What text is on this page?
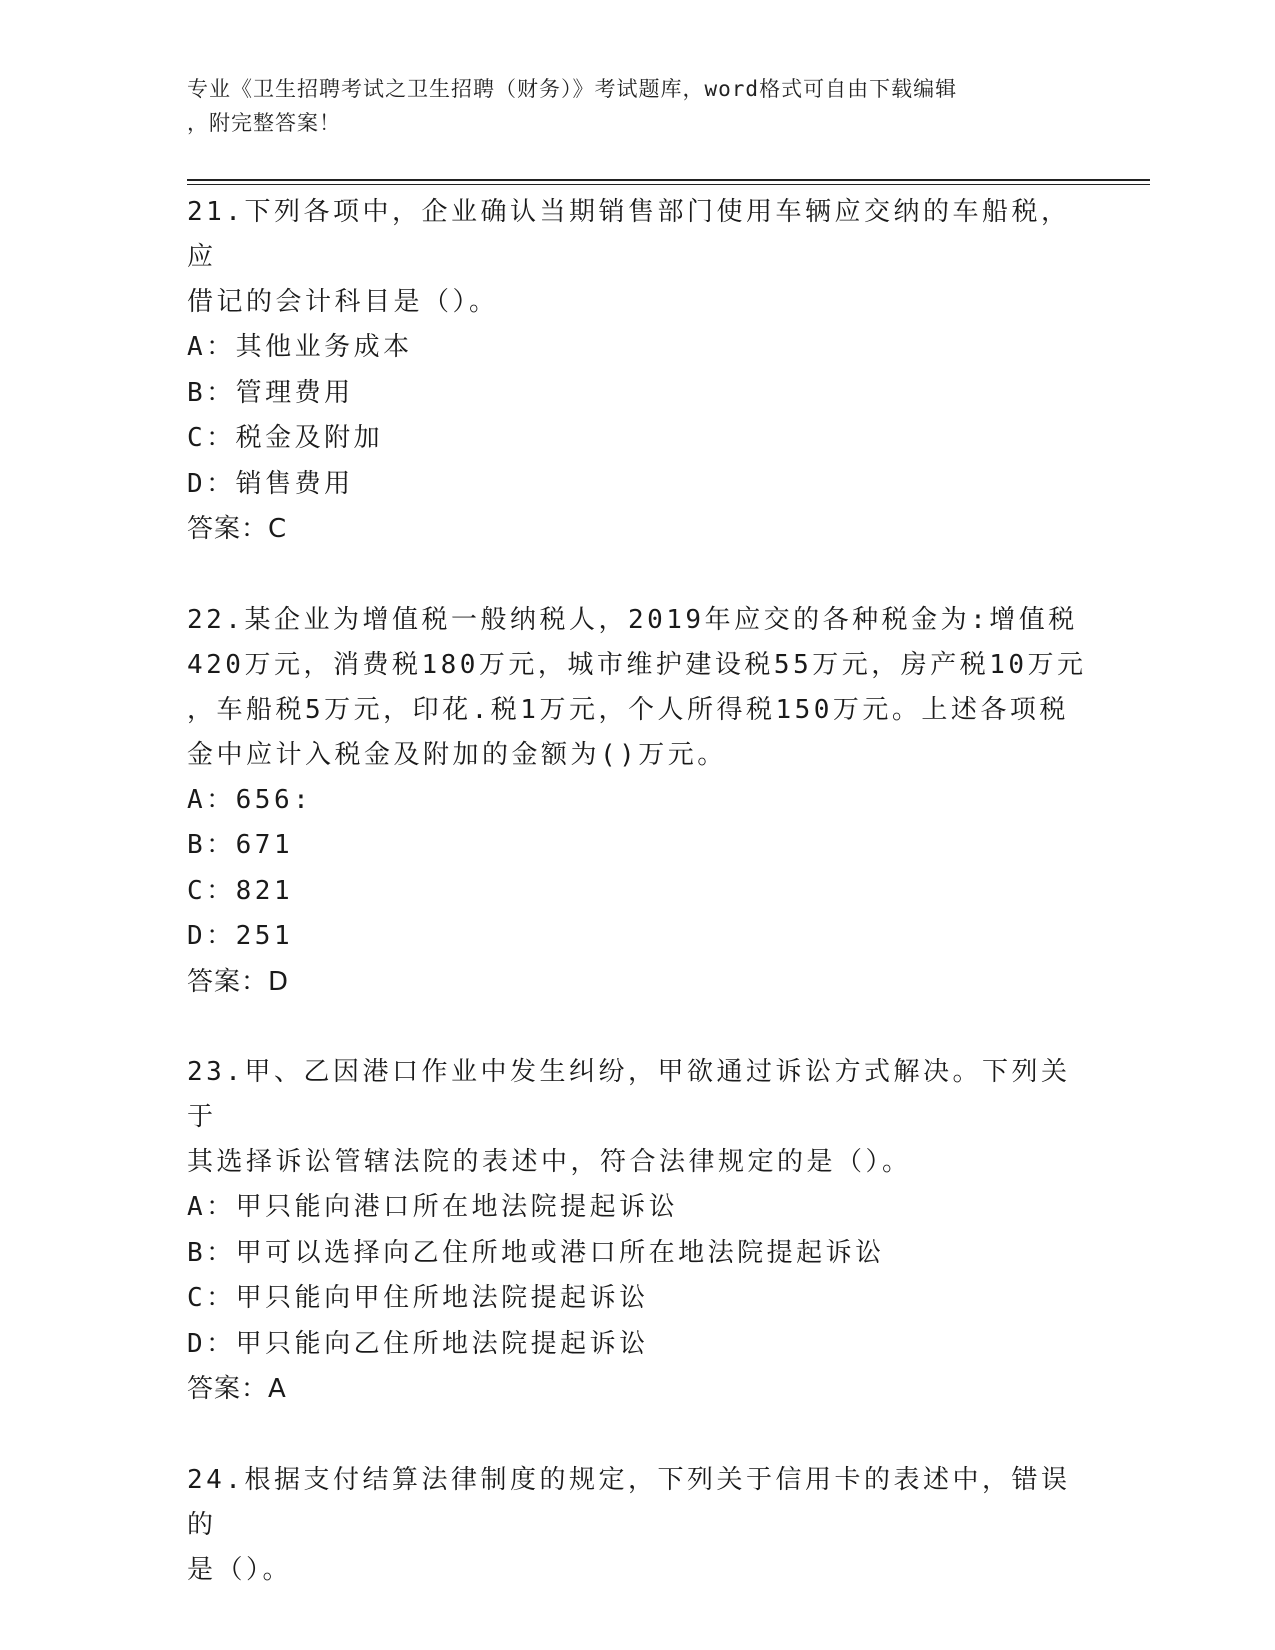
专业《卫生招聘考试之卫生招聘（财务）》考试题库，word格式可自由下载编辑
，附完整答案！

21.下列各项中，企业确认当期销售部门使用车辆应交纳的车船税，应

借记的会计科目是（）。

A：其他业务成本

B：管理费用

C：税金及附加

D：销售费用

答案：C

22.某企业为增值税一般纳税人，2019年应交的各种税金为:增值税

420万元，消费税180万元，城市维护建设税55万元，房产税10万元

，车船税5万元，印花.税1万元，个人所得税150万元。上述各项税

金中应计入税金及附加的金额为()万元。

A：656:

B：671

C：821

D：251

答案：D

23.甲、乙因港口作业中发生纠纷，甲欲通过诉讼方式解决。下列关于

其选择诉讼管辖法院的表述中，符合法律规定的是（）。

A：甲只能向港口所在地法院提起诉讼

B：甲可以选择向乙住所地或港口所在地法院提起诉讼

C：甲只能向甲住所地法院提起诉讼

D：甲只能向乙住所地法院提起诉讼

答案：A

24.根据支付结算法律制度的规定，下列关于信用卡的表述中，错误的

是（）。
